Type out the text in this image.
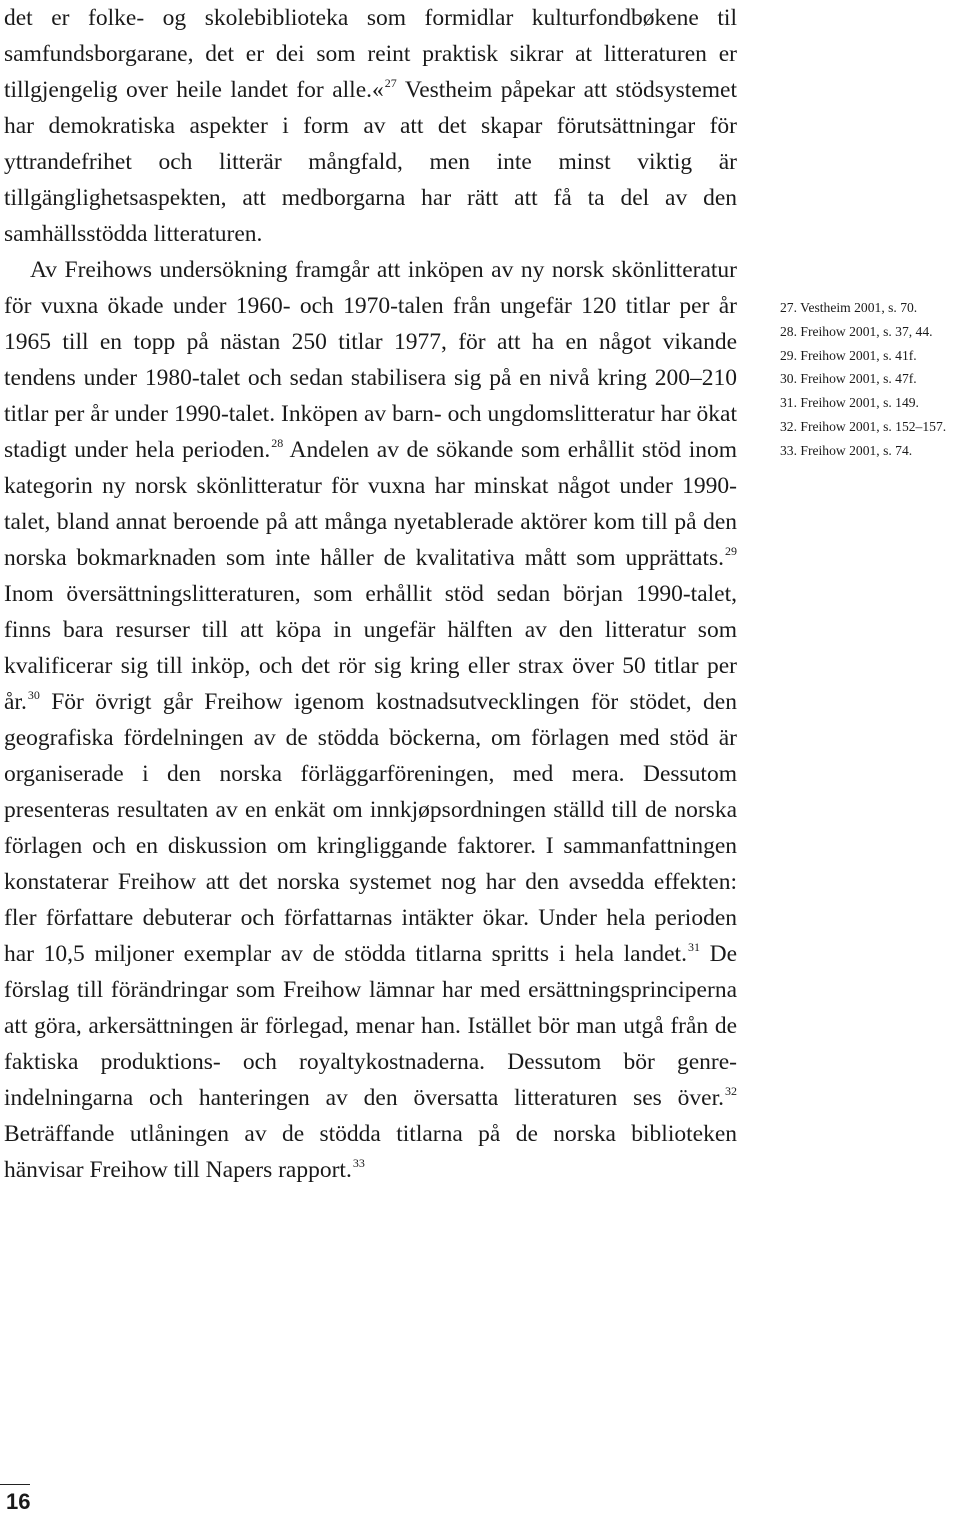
det er folke- og skolebiblioteka som formidlar kulturfondbøkene til samfundsborgarane, det er dei som reint praktisk sikrar at litteraturen er tillgjengelig over heile landet for alle.«$^{27}$ Vestheim påpekar att stödsystemet har demokratiska aspekter i form av att det skapar förutsättningar för yttrandefrihet och litterär mångfald, men inte minst viktig är tillgänglighetsaspekten, att medborgarna har rätt att få ta del av den samhällsstödda litteraturen.

Av Freihows undersökning framgår att inköpen av ny norsk skönlitteratur för vuxna ökade under 1960- och 1970-talen från ungefär 120 titlar per år 1965 till en topp på nästan 250 titlar 1977, för att ha en något vikande tendens under 1980-talet och sedan stabilisera sig på en nivå kring 200–210 titlar per år under 1990-talet. Inköpen av barn- och ungdomslitteratur har ökat stadigt under hela perioden.$^{28}$ Andelen av de sökande som erhållit stöd inom kategorin ny norsk skönlitteratur för vuxna har minskat något under 1990-talet, bland annat beroende på att många nyetablerade aktörer kom till på den norska bokmarknaden som inte håller de kvalitativa mått som upprättats.$^{29}$ Inom översättningslitteraturen, som erhållit stöd sedan början 1990-talet, finns bara resurser till att köpa in ungefär hälften av den litteratur som kvalificerar sig till inköp, och det rör sig kring eller strax över 50 titlar per år.$^{30}$ För övrigt går Freihow igenom kostnadsutvecklingen för stödet, den geografiska fördelningen av de stödda böckerna, om förlagen med stöd är organiserade i den norska förläggarföreningen, med mera. Dessutom presenteras resultaten av en enkät om innkjøpsordningen ställd till de norska förlagen och en diskussion om kringliggande faktorer. I sammanfattningen konstaterar Freihow att det norska systemet nog har den avsedda effekten: fler författare debuterar och författarnas intäkter ökar. Under hela perioden har 10,5 miljoner exemplar av de stödda titlarna spritts i hela landet.$^{31}$ De förslag till förändringar som Freihow lämnar har med ersättningsprinciperna att göra, arkersättningen är förlegad, menar han. Istället bör man utgå från de faktiska produktions- och royaltykostnaderna. Dessutom bör genreindelningarna och hanteringen av den översatta litteraturen ses över.$^{32}$ Beträffande utlåningen av de stödda titlarna på de norska biblioteken hänvisar Freihow till Napers rapport.$^{33}$

27. Vestheim 2001, s. 70.
28. Freihow 2001, s. 37, 44.
29. Freihow 2001, s. 41f.
30. Freihow 2001, s. 47f.
31. Freihow 2001, s. 149.
32. Freihow 2001, s. 152–157.
33. Freihow 2001, s. 74.
16
